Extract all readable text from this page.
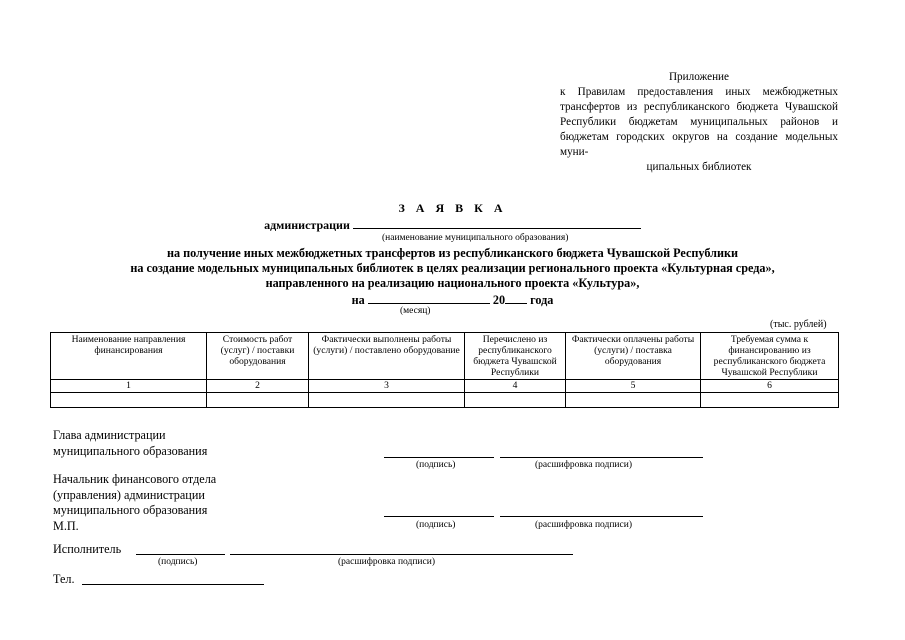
Приложение
к Правилам предоставления иных межбюджетных трансфертов из республиканского бюджета Чувашской Республики бюджетам муниципальных районов и бюджетам городских округов на создание модельных муни-
ципальных библиотек
З А Я В К А
администрации
(наименование муниципального образования)
на получение иных межбюджетных трансфертов из республиканского бюджета Чувашской Республики
на создание модельных муниципальных библиотек в целях реализации регионального проекта «Культурная среда»,
направленного на реализацию национального проекта «Культура»,
на	20 года
(месяц)
(тыс. рублей)
Наименование направления финансирования	Стоимость работ (услуг) / поставки оборудования	Фактически выполнены работы (услуги) / поставлено оборудование	Перечислено из республиканского бюджета Чувашской Республики	Фактически оплачены работы (услуги) / поставка оборудования	Требуемая сумма к финансированию из республиканского бюджета Чувашской Республики
1	2	3	4	5	6

Глава администрации
муниципального образования
(подпись)	(расшифровка подписи)
Начальник финансового отдела
(управления) администрации
муниципального образования
М.П.	(подпись)	(расшифровка подписи)
Исполнитель
(подпись)	(расшифровка подписи)
Тел.
